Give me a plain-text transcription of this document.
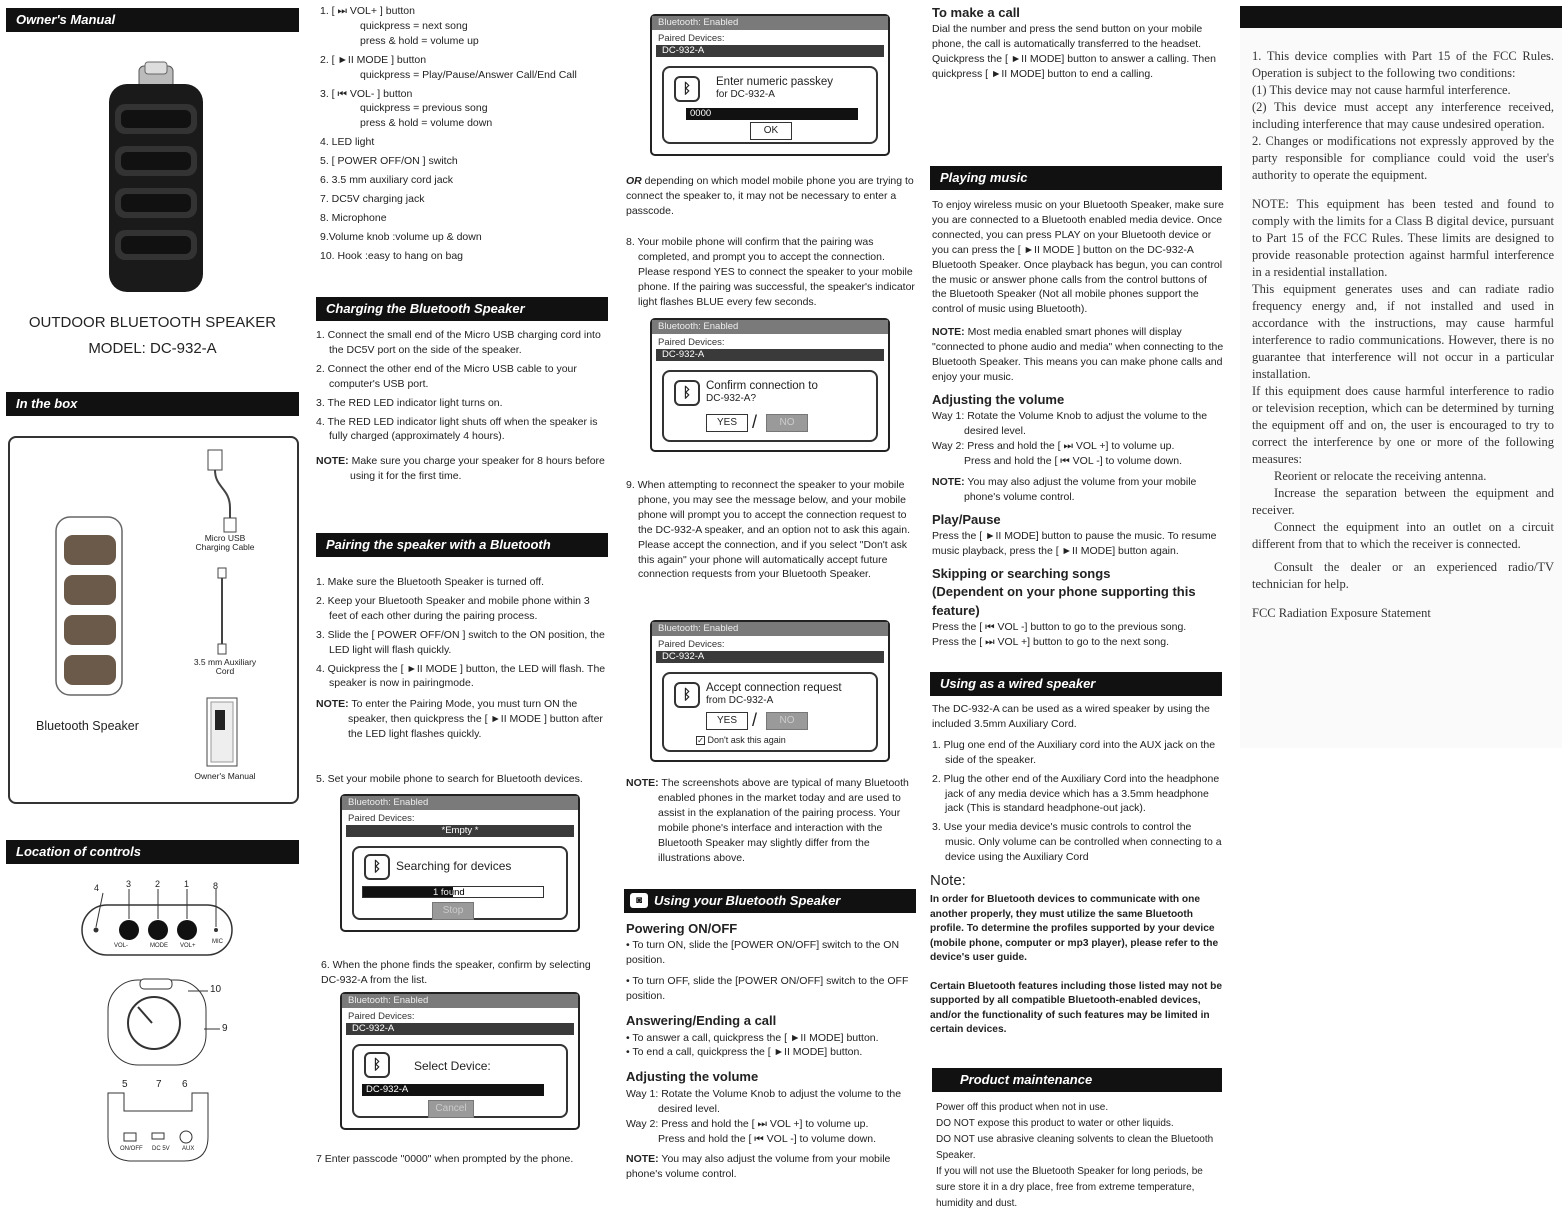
Owner's Manual
OUTDOOR BLUETOOTH SPEAKER
MODEL: DC-932-A
In the box
Bluetooth Speaker
Micro USB Charging Cable
3.5 mm Auxiliary Cord
Owner's Manual
Location of controls
4	3	2	1	8
10
9
5	7 6
VOL-	MODE VOL+
MIC
ON/OFF DC 5V AUX
1. [ ⏭ VOL+ ] button
quickpress = next song
press & hold = volume up
2. [ ►II MODE ] button
quickpress = Play/Pause/Answer Call/End Call
3. [ ⏮ VOL- ] button
quickpress = previous song
press & hold = volume down
4. LED light
5. [ POWER OFF/ON ] switch
6. 3.5 mm auxiliary cord jack
7. DC5V charging jack
8. Microphone
9.Volume knob :volume up & down
10. Hook :easy to hang on bag
Charging the Bluetooth Speaker
1. Connect the small end of the Micro USB charging cord into the DC5V port on the side of the speaker.
2. Connect the other end of the Micro USB cable to your computer's USB port.
3. The RED LED indicator light turns on.
4. The RED LED indicator light shuts off when the speaker is fully charged (approximately 4 hours).
NOTE: Make sure you charge your speaker for 8 hours before using it for the first time.
Pairing the speaker with a Bluetooth enabled phone
1. Make sure the Bluetooth Speaker is turned off.
2. Keep your Bluetooth Speaker and mobile phone within 3 feet of each other during the pairing process.
3. Slide the [ POWER OFF/ON ] switch to the ON position, the LED light will flash quickly.
4. Quickpress the [ ►II MODE ] button, the LED will flash. The speaker is now in pairingmode.
NOTE: To enter the Pairing Mode, you must turn ON the speaker, then quickpress the [ ►II MODE ] button after the LED light flashes quickly.
5. Set your mobile phone to search for Bluetooth devices.
Bluetooth: Enabled
Paired Devices:
*Empty *
ᛒ	Searching for devices
1 found
Stop
6. When the phone finds the speaker, confirm by selecting DC-932-A from the list.
Bluetooth: Enabled
Paired Devices:
DC-932-A
ᛒ	Select Device:
DC-932-A
Cancel
7 Enter passcode "0000" when prompted by the phone.
Bluetooth: Enabled
Paired Devices:
DC-932-A
ᛒ	Enter numeric passkey
for DC-932-A
0000
OK
OR depending on which model mobile phone you are trying to connect the speaker to, it may not be necessary to enter a passcode.
8. Your mobile phone will confirm that the pairing was completed, and prompt you to accept the connection. Please respond YES to connect the speaker to your mobile phone. If the pairing was successful, the speaker's indicator light flashes BLUE every few seconds.
Bluetooth: Enabled
Paired Devices:
DC-932-A
ᛒ	Confirm connection to
DC-932-A?
YES /	NO
9. When attempting to reconnect the speaker to your mobile phone, you may see the message below, and your mobile phone will prompt you to accept the connection request to the DC-932-A speaker, and an option not to ask this again. Please accept the connection, and if you select "Don't ask this again" your phone will automatically accept future connection requests from your Bluetooth Speaker.
Bluetooth: Enabled
Paired Devices:
DC-932-A
ᛒ	Accept connection request
from DC-932-A
YES /	NO
✓ Don't ask this again
NOTE: The screenshots above are typical of many Bluetooth enabled phones in the market today and are used to assist in the explanation of the pairing process. Your mobile phone's interface and interaction with the Bluetooth Speaker may slightly differ from the illustrations above.
◙ Using your Bluetooth Speaker
Powering ON/OFF
• To turn ON, slide the [POWER ON/OFF] switch to the ON position.
• To turn OFF, slide the [POWER ON/OFF] switch to the OFF position.
Answering/Ending a call
• To answer a call, quickpress the [ ►II MODE] button.
• To end a call, quickpress the [ ►II MODE] button.
Adjusting the volume
Way 1: Rotate the Volume Knob to adjust the volume to the desired level.
Way 2: Press and hold the [ ⏭ VOL +] to volume up.
Press and hold the [ ⏮ VOL -] to volume down.
NOTE: You may also adjust the volume from your mobile phone's volume control.
To make a call
Dial the number and press the send button on your mobile phone, the call is automatically transferred to the headset. Quickpress the [ ►II MODE] button to answer a calling. Then quickpress [ ►II MODE] button to end a calling.
Playing music
To enjoy wireless music on your Bluetooth Speaker, make sure you are connected to a Bluetooth enabled media device. Once connected, you can press PLAY on your Bluetooth device or you can press the [ ►II MODE ] button on the DC-932-A Bluetooth Speaker. Once playback has begun, you can control the music or answer phone calls from the control buttons of the Bluetooth Speaker (Not all mobile phones support the control of music using Bluetooth).
NOTE: Most media enabled smart phones will display "connected to phone audio and media" when connecting to the Bluetooth Speaker. This means you can make phone calls and enjoy your music.
Adjusting the volume
Way 1: Rotate the Volume Knob to adjust the volume to the desired level.
Way 2: Press and hold the [ ⏭ VOL +] to volume up.
Press and hold the [ ⏮ VOL -] to volume down.
NOTE: You may also adjust the volume from your mobile phone's volume control.
Play/Pause
Press the [ ►II MODE] button to pause the music. To resume music playback, press the [ ►II MODE] button again.
Skipping or searching songs
(Dependent on your phone supporting this feature)
Press the [ ⏮ VOL -] button to go to the previous song.
Press the [ ⏭ VOL +] button to go to the next song.
Using as a wired speaker
The DC-932-A can be used as a wired speaker by using the included 3.5mm Auxiliary Cord.
1. Plug one end of the Auxiliary cord into the AUX jack on the side of the speaker.
2. Plug the other end of the Auxiliary Cord into the headphone jack of any media device which has a 3.5mm headphone jack (This is standard headphone-out jack).
3. Use your media device's music controls to control the music. Only volume can be controlled when connecting to a device using the Auxiliary Cord
Note:
In order for Bluetooth devices to communicate with one another properly, they must utilize the same Bluetooth profile. To determine the profiles supported by your device (mobile phone, computer or mp3 player), please refer to the device's user guide.
Certain Bluetooth features including those listed may not be supported by all compatible Bluetooth-enabled devices, and/or the functionality of such features may be limited in certain devices.
Product maintenance
Power off this product when not in use.
DO NOT expose this product to water or other liquids.
DO NOT use abrasive cleaning solvents to clean the Bluetooth Speaker.
If you will not use the Bluetooth Speaker for long periods, be sure store it in a dry place, free from extreme temperature, humidity and dust.
1. This device complies with Part 15 of the FCC Rules. Operation is subject to the following two conditions:
(1) This device may not cause harmful interference.
(2) This device must accept any interference received, including interference that may cause undesired operation.
2. Changes or modifications not expressly approved by the party responsible for compliance could void the user's authority to operate the equipment.
NOTE: This equipment has been tested and found to comply with the limits for a Class B digital device, pursuant to Part 15 of the FCC Rules. These limits are designed to provide reasonable protection against harmful interference in a residential installation.
This equipment generates uses and can radiate radio frequency energy and, if not installed and used in accordance with the instructions, may cause harmful interference to radio communications. However, there is no guarantee that interference will not occur in a particular installation.
If this equipment does cause harmful interference to radio or television reception, which can be determined by turning the equipment off and on, the user is encouraged to try to correct the interference by one or more of the following measures:
Reorient or relocate the receiving antenna.
Increase the separation between the equipment and receiver.
Connect the equipment into an outlet on a circuit different from that to which the receiver is connected.
Consult the dealer or an experienced radio/TV technician for help.
FCC Radiation Exposure Statement
